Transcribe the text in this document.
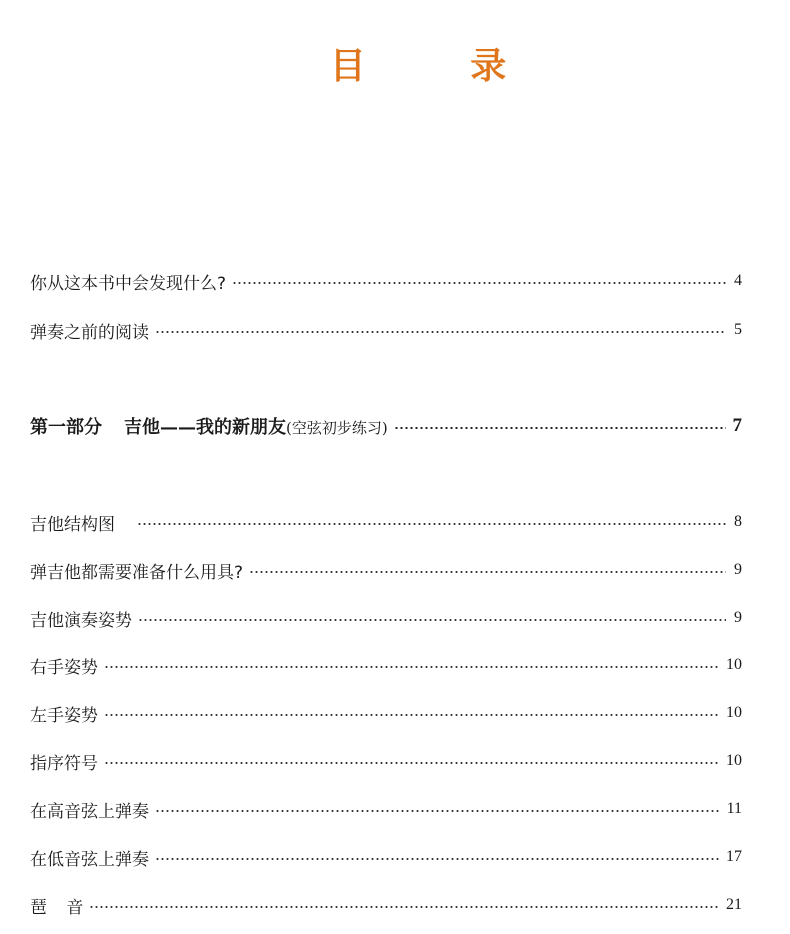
目 录
你从这本书中会发现什么?	4
弹奏之前的阅读	5
第一部分 吉他——我的新朋友(空弦初步练习)	7
吉他结构图	8
弹吉他都需要准备什么用具?	9
吉他演奏姿势	9
右手姿势	10
左手姿势	10
指序符号	10
在高音弦上弹奏	11
在低音弦上弹奏	17
琶 音	21
